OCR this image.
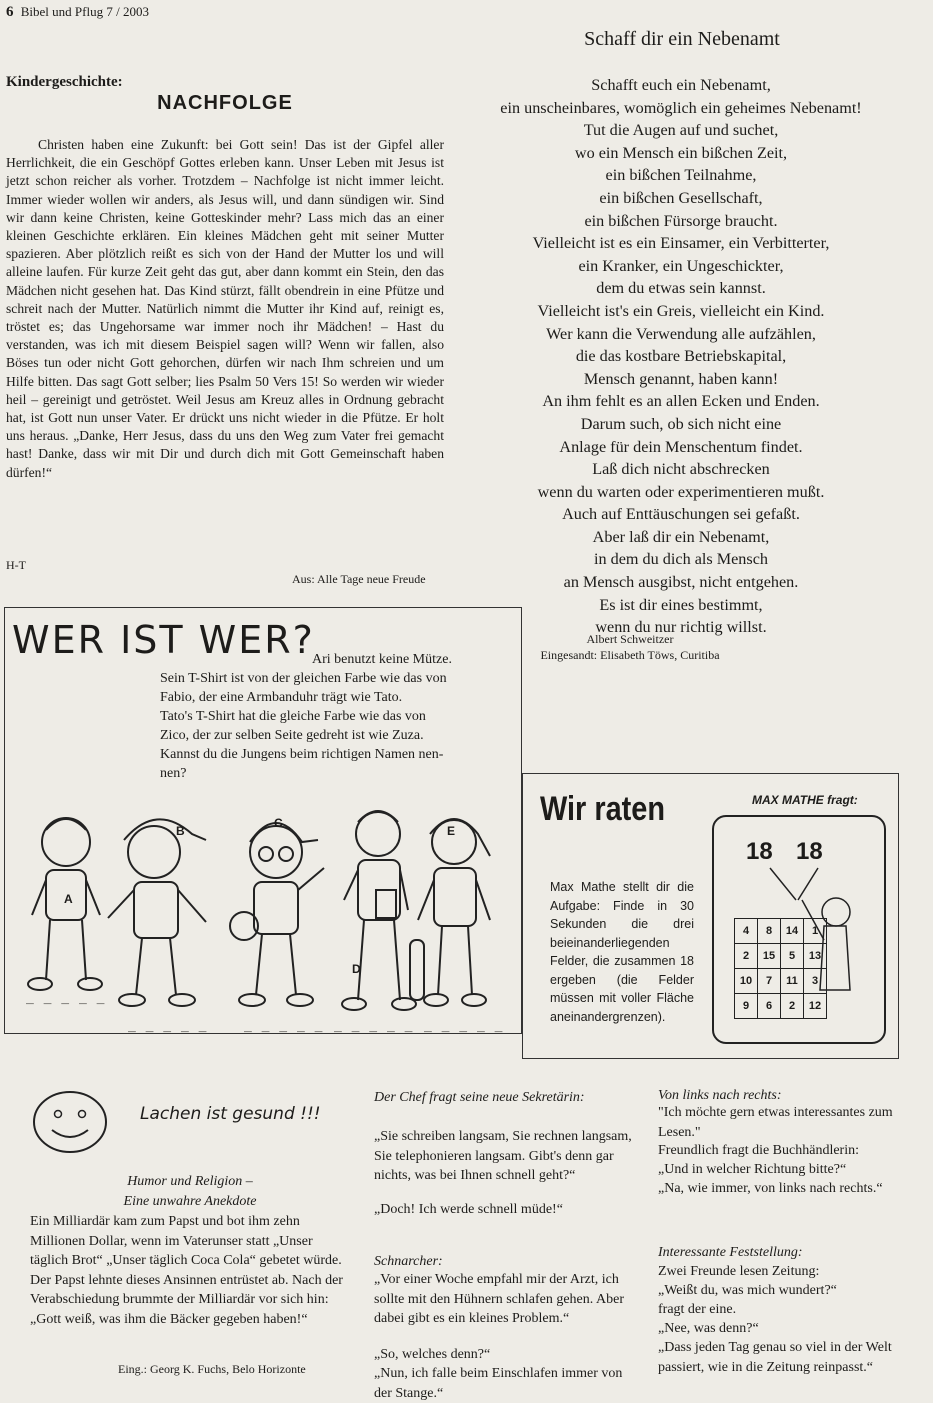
6 Bibel und Pflug 7 / 2003
Kindergeschichte:
NACHFOLGE

Christen haben eine Zukunft: bei Gott sein! Das ist der Gipfel aller Herrlichkeit, die ein Geschöpf Gottes erleben kann. Unser Leben mit Jesus ist jetzt schon reicher als vorher. Trotzdem – Nachfolge ist nicht immer leicht. Immer wieder wollen wir anders, als Jesus will, und dann sündigen wir. Sind wir dann keine Christen, keine Gotteskinder mehr? Lass mich das an einer kleinen Geschichte erklären. Ein kleines Mädchen geht mit seiner Mutter spazieren. Aber plötzlich reißt es sich von der Hand der Mutter los und will alleine laufen. Für kurze Zeit geht das gut, aber dann kommt ein Stein, den das Mädchen nicht gesehen hat. Das Kind stürzt, fällt obendrein in eine Pfütze und schreit nach der Mutter. Natürlich nimmt die Mutter ihr Kind auf, reinigt es, tröstet es; das Ungehorsame war immer noch ihr Mädchen! – Hast du verstanden, was ich mit diesem Beispiel sagen will? Wenn wir fallen, also Böses tun oder nicht Gott gehorchen, dürfen wir nach Ihm schreien und um Hilfe bitten. Das sagt Gott selber; lies Psalm 50 Vers 15! So werden wir wieder heil – gereinigt und getröstet. Weil Jesus am Kreuz alles in Ordnung gebracht hat, ist Gott nun unser Vater. Er drückt uns nicht wieder in die Pfütze. Er holt uns heraus. „Danke, Herr Jesus, dass du uns den Weg zum Vater frei gemacht hast! Danke, dass wir mit Dir und durch dich mit Gott Gemeinschaft haben dürfen!“

H-T
Aus: Alle Tage neue Freude
Schaff dir ein Nebenamt
Schafft euch ein Nebenamt,
ein unscheinbares, womöglich ein geheimes Nebenamt!
Tut die Augen auf und suchet,
wo ein Mensch ein bißchen Zeit,
ein bißchen Teilnahme,
ein bißchen Gesellschaft,
ein bißchen Fürsorge braucht.
Vielleicht ist es ein Einsamer, ein Verbitterter,
ein Kranker, ein Ungeschickter,
dem du etwas sein kannst.
Vielleicht ist's ein Greis, vielleicht ein Kind.
Wer kann die Verwendung alle aufzählen,
die das kostbare Betriebskapital,
Mensch genannt, haben kann!
An ihm fehlt es an allen Ecken und Enden.
Darum such, ob sich nicht eine
Anlage für dein Menschentum findet.
Laß dich nicht abschrecken
wenn du warten oder experimentieren mußt.
Auch auf Enttäuschungen sei gefaßt.
Aber laß dir ein Nebenamt,
in dem du dich als Mensch
an Mensch ausgibst, nicht entgehen.
Es ist dir eines bestimmt,
wenn du nur richtig willst.
Albert Schweitzer
Eingesandt: Elisabeth Töws, Curitiba
WER IST WER?
Ari benutzt keine Mütze.
Sein T-Shirt ist von der gleichen Farbe wie das von
Fabio, der eine Armbanduhr trägt wie Tato.
Tato's T-Shirt hat die gleiche Farbe wie das von
Zico, der zur selben Seite gedreht ist wie Zuza.
Kannst du die Jungens beim richtigen Namen nen-
nen?
A
B
C
D
E
_ _ _ _ _
_ _ _ _ _	_ _ _ _ _ _ _ _ _ _ _ _ _ _ _
Wir raten	MAX MATHE fragt:
Max Mathe stellt dir die Aufgabe: Finde in 30 Sekunden die drei beieinanderliegenden Felder, die zusammen 18 ergeben (die Felder müssen mit voller Fläche aneinandergrenzen).
18 18
4	8	14	1
2	15	5	13
10	7	11	3
9	6	2	12
Lachen ist gesund !!!
Humor und Religion –
Eine unwahre Anekdote
Ein Milliardär kam zum Papst und bot ihm zehn Millionen Dollar, wenn im Vaterunser statt „Unser täglich Brot“ „Unser täglich Coca Cola“ gebetet würde. Der Papst lehnte dieses Ansinnen entrüstet ab. Nach der Verabschiedung brummte der Milliardär vor sich hin: „Gott weiß, was ihm die Bäcker gegeben haben!“
Eing.: Georg K. Fuchs, Belo Horizonte
Der Chef fragt seine neue Sekretärin:
„Sie schreiben langsam, Sie rechnen langsam, Sie telephonieren langsam. Gibt's denn gar nichts, was bei Ihnen schnell geht?“
„Doch! Ich werde schnell müde!“
Schnarcher:
„Vor einer Woche empfahl mir der Arzt, ich sollte mit den Hühnern schlafen gehen. Aber dabei gibt es ein kleines Problem.“
„So, welches denn?“
„Nun, ich falle beim Einschlafen immer von der Stange.“
Von links nach rechts:
"Ich möchte gern etwas interessantes zum Lesen."
Freundlich fragt die Buchhändlerin:
„Und in welcher Richtung bitte?“
„Na, wie immer, von links nach rechts.“
Interessante Feststellung:
Zwei Freunde lesen Zeitung:
„Weißt du, was mich wundert?“
fragt der eine.
„Nee, was denn?“
„Dass jeden Tag genau so viel in der Welt passiert, wie in die Zeitung reinpasst.“
